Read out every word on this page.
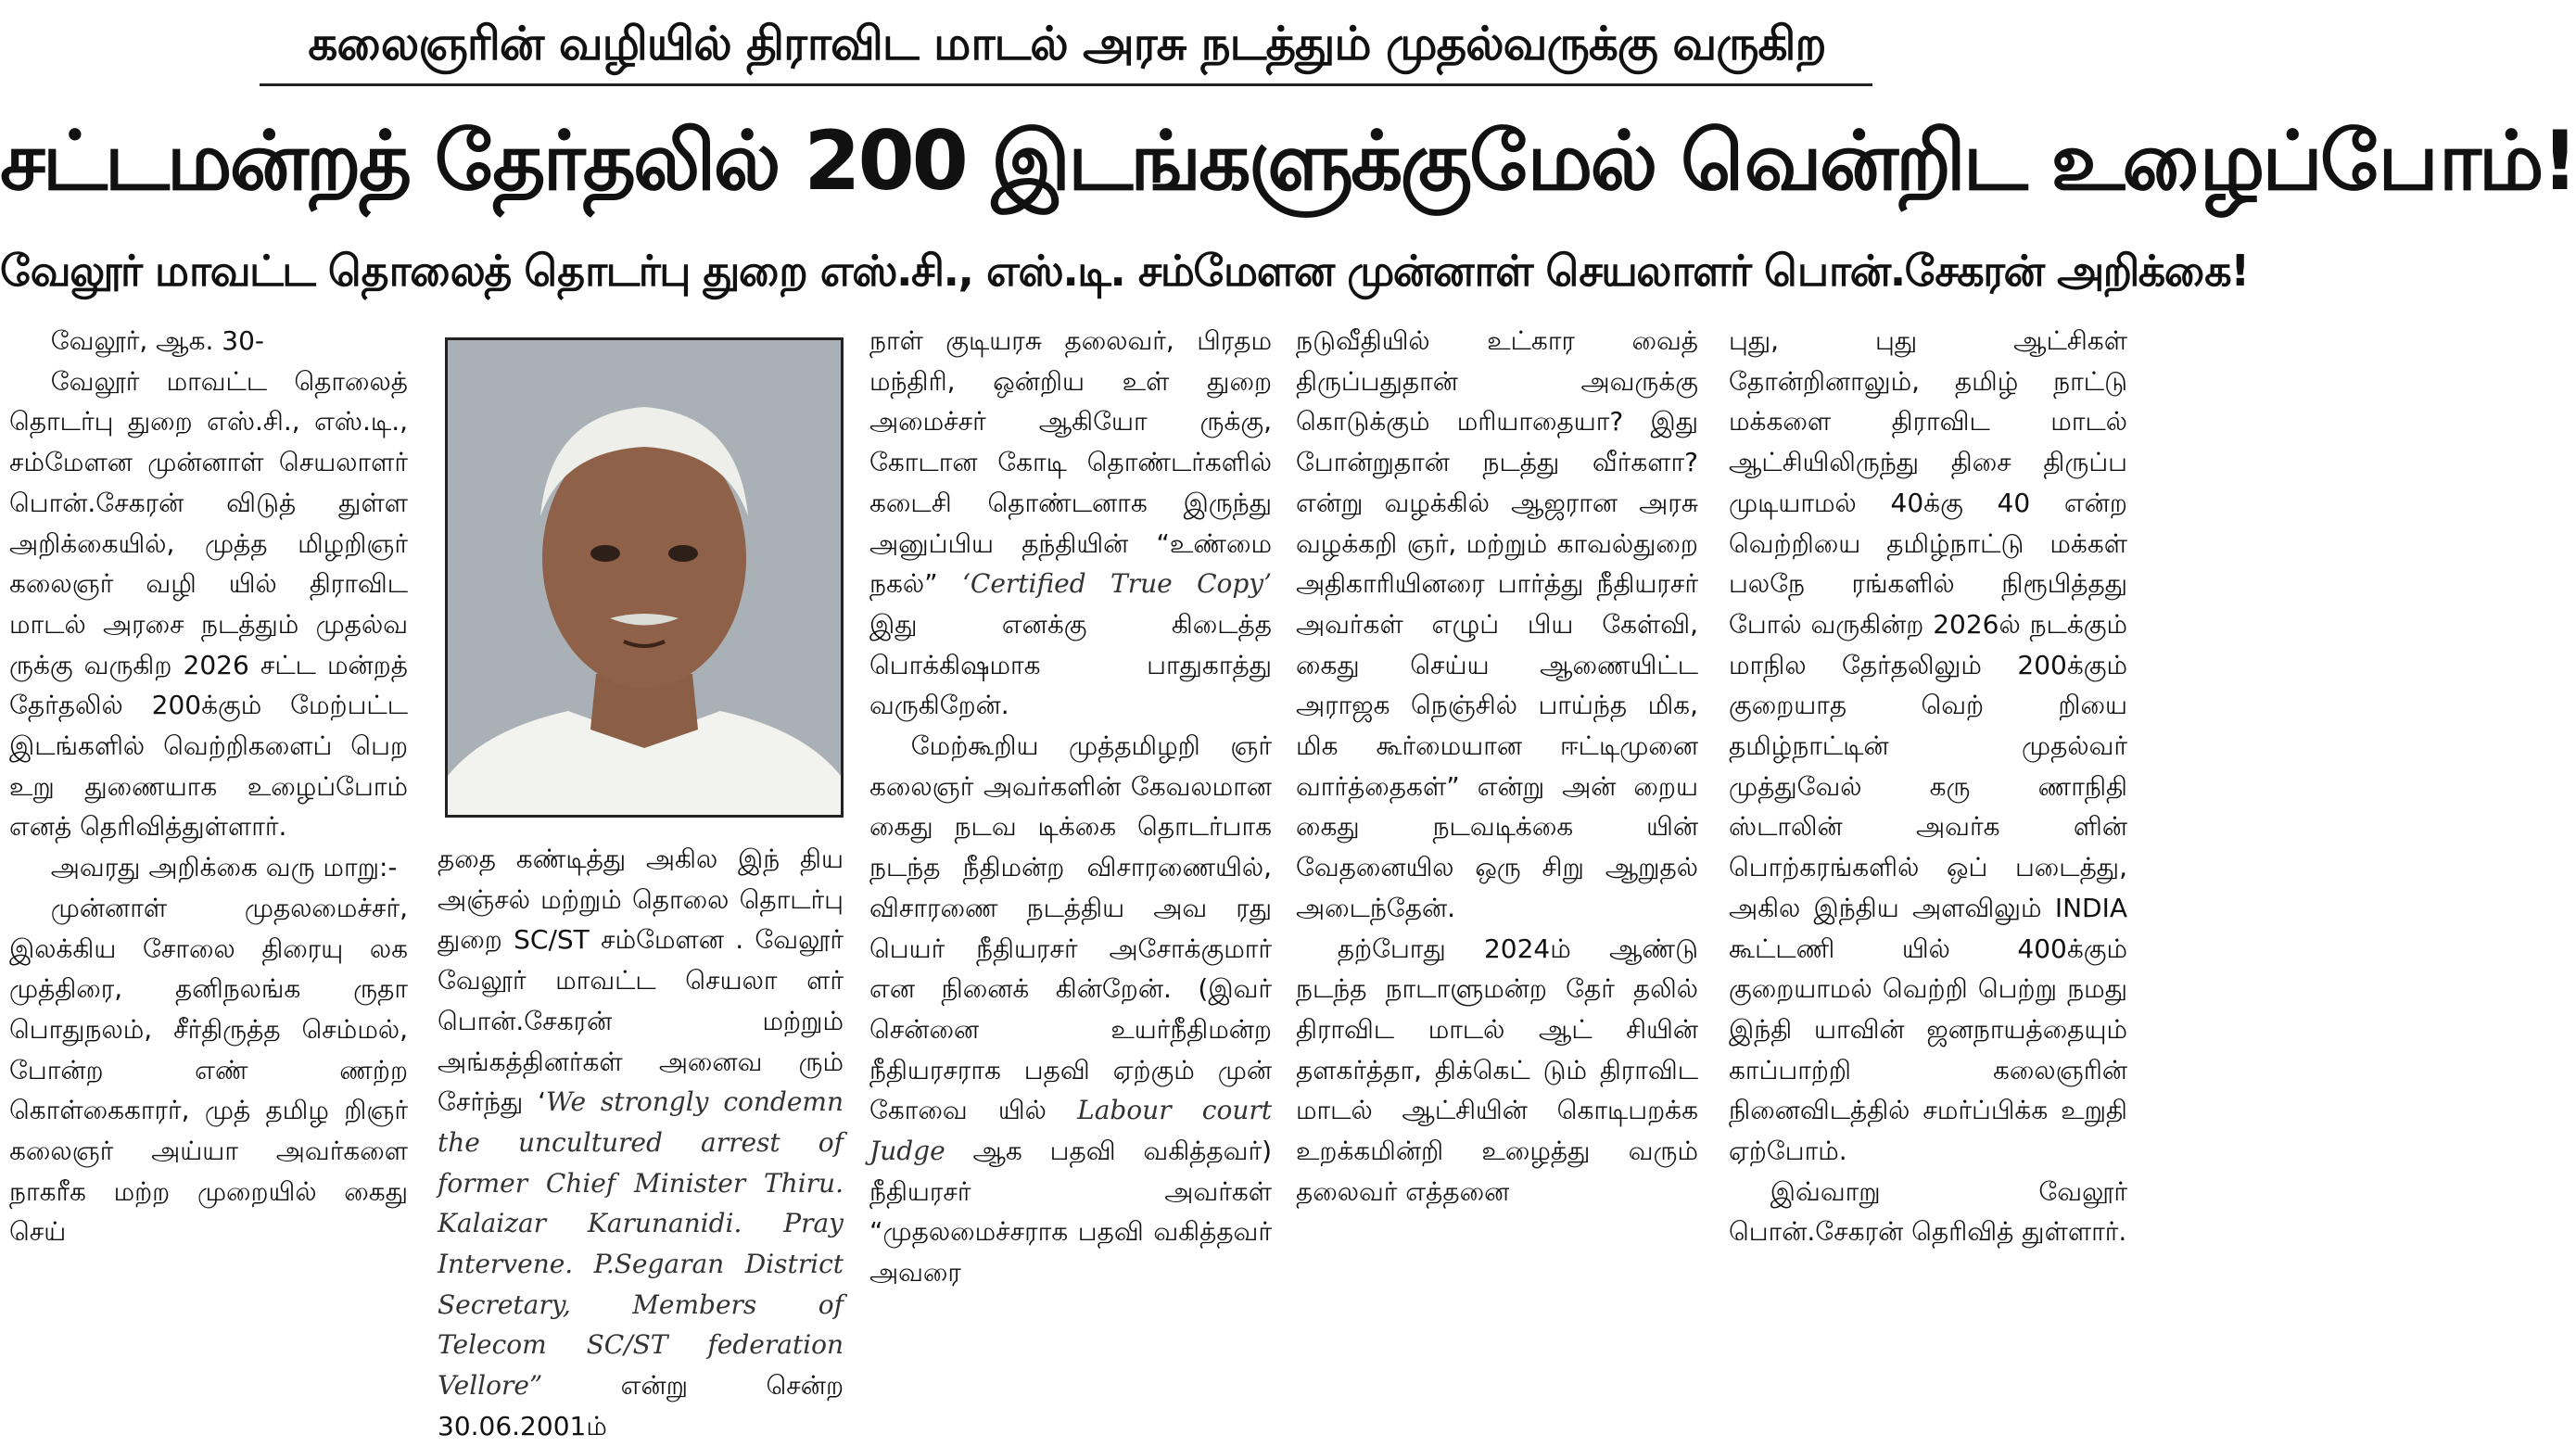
கலைஞரின் வழியில் திராவிட மாடல் அரசு நடத்தும் முதல்வருக்கு வருகிற
சட்டமன்றத் தேர்தலில் 200 இடங்களுக்குமேல் வென்றிட உழைப்போம்!
வேலூர் மாவட்ட தொலைத் தொடர்பு துறை எஸ்.சி., எஸ்.டி. சம்மேளன முன்னாள் செயலாளர் பொன்.சேகரன் அறிக்கை!

வேலூர், ஆக. 30-

வேலூர் மாவட்ட தொலைத் தொடர்பு துறை எஸ்.சி., எஸ்.டி., சம்மேளன முன்னாள் செயலாளர் பொன்.சேகரன் விடுத் துள்ள அறிக்கையில், முத்த மிழறிஞர் கலைஞர் வழி யில் திராவிட மாடல் அரசை நடத்தும் முதல்வ ருக்கு வருகிற 2026 சட்ட மன்றத் தேர்தலில் 200க்கும் மேற்பட்ட இடங்களில் வெற்றிகளைப் பெற உறு துணையாக உழைப்போம் எனத் தெரிவித்துள்ளார்.

அவரது அறிக்கை வரு மாறு:-

முன்னாள் முதலமைச்சர், இலக்கிய சோலை திரையு லக முத்திரை, தனிநலங்க ருதா பொதுநலம், சீர்திருத்த செம்மல், போன்ற எண் ணற்ற கொள்கைகாரர், முத் தமிழ றிஞர் கலைஞர் அய்யா அவர்களை நாகரீக மற்ற முறையில் கைது செய்

ததை கண்டித்து அகில இந் திய அஞ்சல் மற்றும் தொலை தொடர்பு துறை SC/ST சம்மேளன . வேலூர் வேலூர் மாவட்ட செயலா ளர் பொன்.சேகரன் மற்றும் அங்கத்தினர்கள் அனைவ ரும் சேர்ந்து ‘We strongly condemn the uncultured arrest of former Chief Minister Thiru. Kalaizar Karunanidi. Pray Intervene. P.Segaran District Secretary, Members of Telecom SC/ST federation Vellore” என்று சென்ற 30.06.2001ம்

நாள் குடியரசு தலைவர், பிரதம மந்திரி, ஒன்றிய உள் துறை அமைச்சர் ஆகியோ ருக்கு, கோடான கோடி தொண்டர்களில் கடைசி தொண்டனாக இருந்து அனுப்பிய தந்தியின் “உண்மை நகல்” ‘Certified True Copy’ இது எனக்கு கிடைத்த பொக்கிஷமாக பாதுகாத்து வருகிறேன்.

மேற்கூறிய முத்தமிழறி ஞர் கலைஞர் அவர்களின் கேவலமான கைது நடவ டிக்கை தொடர்பாக நடந்த நீதிமன்ற விசாரணையில், விசாரணை நடத்திய அவ ரது பெயர் நீதியரசர் அசோக்குமார் என நினைக் கின்றேன். (இவர் சென்னை உயர்நீதிமன்ற நீதியரசராக பதவி ஏற்கும் முன் கோவை யில் Labour court Judge ஆக பதவி வகித்தவர்) நீதியரசர் அவர்கள் “முதலமைச்சராக பதவி வகித்தவர் அவரை

நடுவீதியில் உட்கார வைத் திருப்பதுதான் அவருக்கு கொடுக்கும் மரியாதையா? இது போன்றுதான் நடத்து வீர்களா? என்று வழக்கில் ஆஜரான அரசு வழக்கறி ஞர், மற்றும் காவல்துறை அதிகாரியினரை பார்த்து நீதியரசர் அவர்கள் எழுப் பிய கேள்வி, கைது செய்ய ஆணையிட்ட அராஜக நெஞ்சில் பாய்ந்த மிக, மிக கூர்மையான ஈட்டிமுனை வார்த்தைகள்” என்று அன் றைய கைது நடவடிக்கை யின் வேதனையில ஒரு சிறு ஆறுதல் அடைந்தேன்.

தற்போது 2024ம் ஆண்டு நடந்த நாடாளுமன்ற தேர் தலில் திராவிட மாடல் ஆட் சியின் தளகர்த்தா, திக்கெட் டும் திராவிட மாடல் ஆட்சியின் கொடிபறக்க உறக்கமின்றி உழைத்து வரும் தலைவர் எத்தனை

புது, புது ஆட்சிகள் தோன்றினாலும், தமிழ் நாட்டு மக்களை திராவிட மாடல் ஆட்சியிலிருந்து திசை திருப்ப முடியாமல் 40க்கு 40 என்ற வெற்றியை தமிழ்நாட்டு மக்கள் பலநே ரங்களில் நிரூபித்தது போல் வருகின்ற 2026ல் நடக்கும் மாநில தேர்தலிலும் 200க்கும் குறையாத வெற் றியை தமிழ்நாட்டின் முதல்வர் முத்துவேல் கரு ணாநிதி ஸ்டாலின் அவர்க ளின் பொற்கரங்களில் ஒப் படைத்து, அகில இந்திய அளவிலும் INDIA கூட்டணி யில் 400க்கும் குறையாமல் வெற்றி பெற்று நமது இந்தி யாவின் ஜனநாயத்தையும் காப்பாற்றி கலைஞரின் நினைவிடத்தில் சமர்ப்பிக்க உறுதி ஏற்போம்.

இவ்வாறு வேலூர் பொன்.சேகரன் தெரிவித் துள்ளார்.
